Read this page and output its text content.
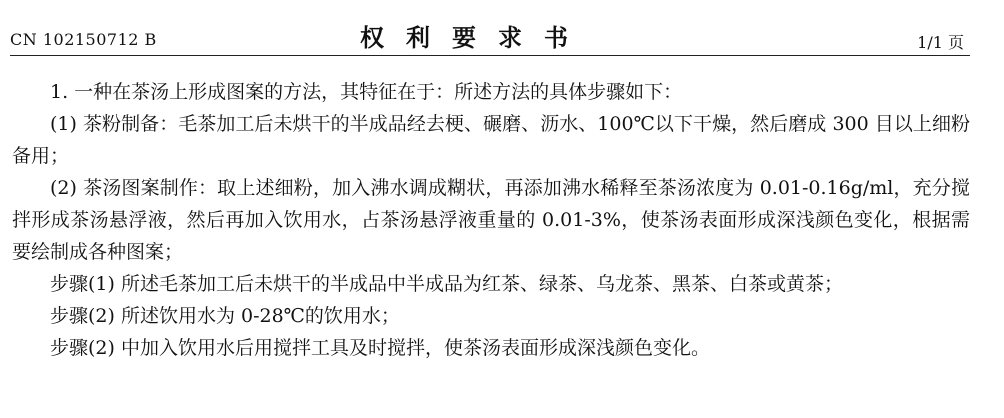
CN 102150712 B	权利要求书	1/1 页

1. 一种在茶汤上形成图案的方法，其特征在于：所述方法的具体步骤如下：

(1) 茶粉制备：毛茶加工后未烘干的半成品经去梗、碾磨、沥水、100℃以下干燥，然后磨成 300 目以上细粉备用；

(2) 茶汤图案制作：取上述细粉，加入沸水调成糊状，再添加沸水稀释至茶汤浓度为 0.01-0.16g/ml，充分搅拌形成茶汤悬浮液，然后再加入饮用水，占茶汤悬浮液重量的 0.01-3%，使茶汤表面形成深浅颜色变化，根据需要绘制成各种图案；

步骤(1) 所述毛茶加工后未烘干的半成品中半成品为红茶、绿茶、乌龙茶、黑茶、白茶或黄茶；

步骤(2) 所述饮用水为 0-28℃的饮用水；

步骤(2) 中加入饮用水后用搅拌工具及时搅拌，使茶汤表面形成深浅颜色变化。
